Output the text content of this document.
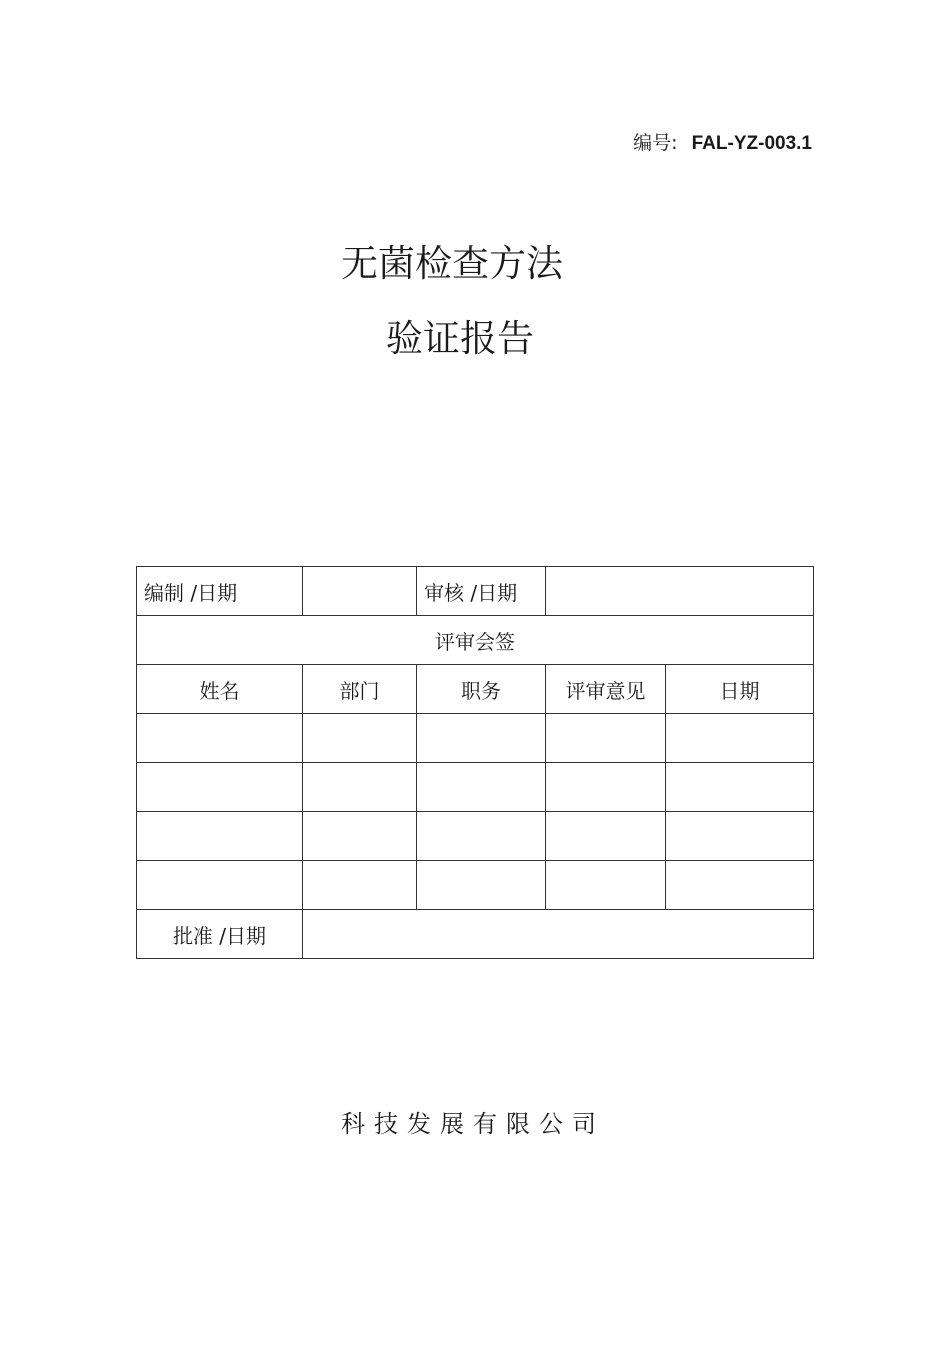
编号: FAL-YZ-003.1
无菌检查方法
验证报告
编制 /日期		审核 /日期		
评审会签				
姓名	部门	职务	评审意见	日期

批准 /日期				
科技发展有限公司
